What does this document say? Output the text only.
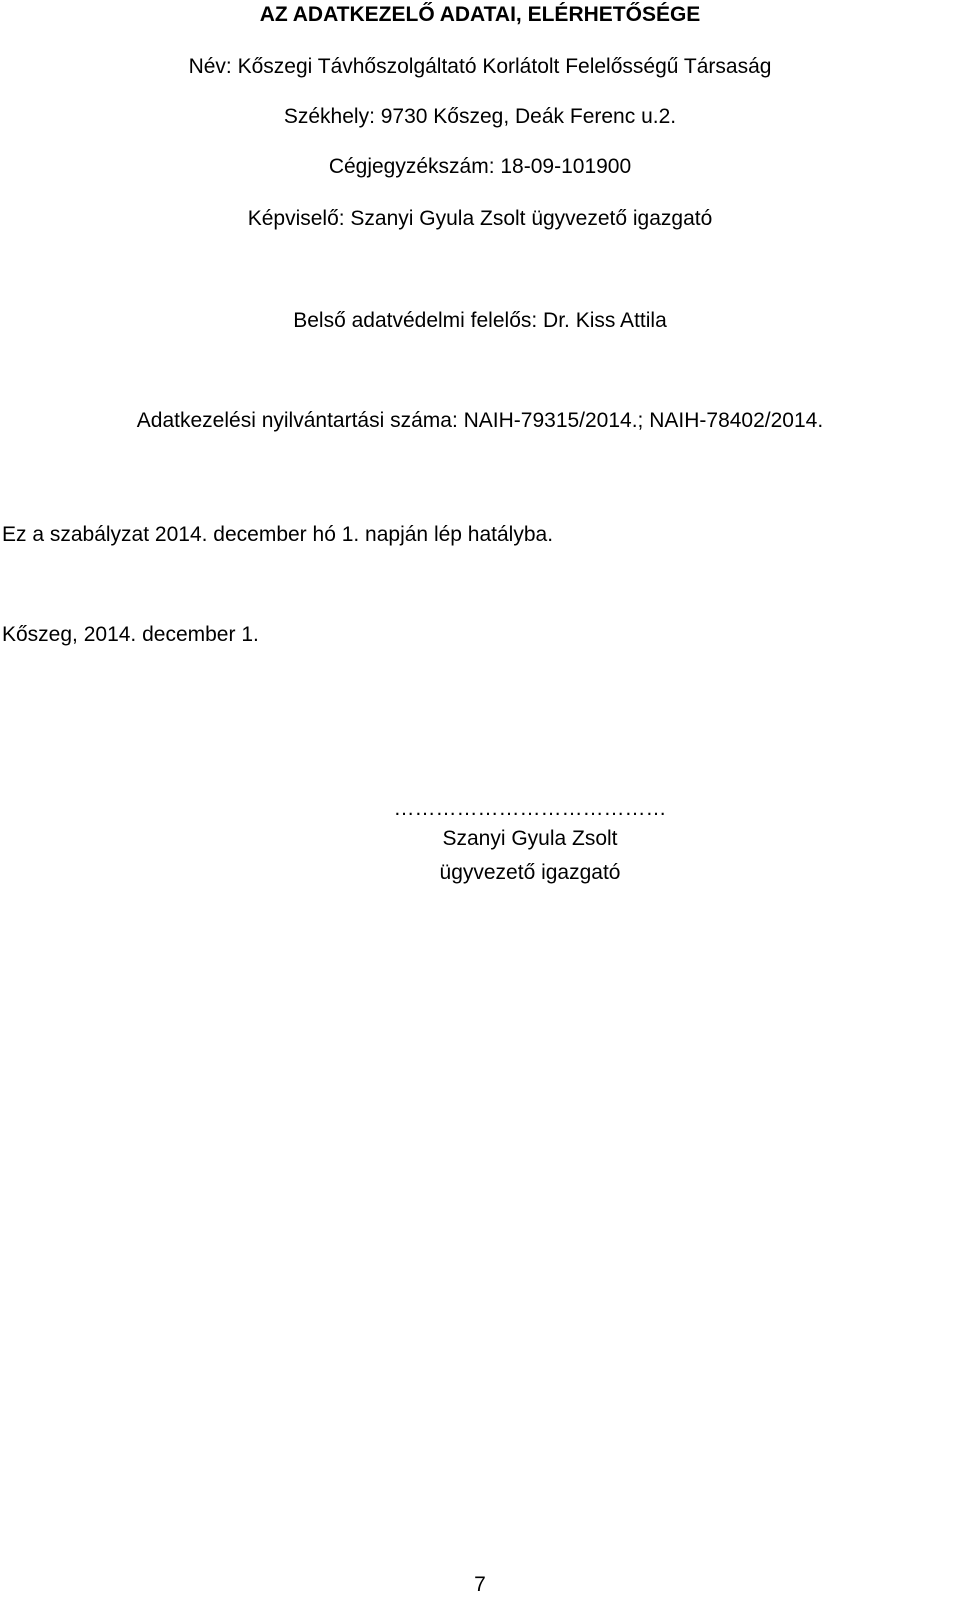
AZ ADATKEZELŐ ADATAI, ELÉRHETŐSÉGE
Név: Kőszegi Távhőszolgáltató Korlátolt Felelősségű Társaság
Székhely: 9730 Kőszeg, Deák Ferenc u.2.
Cégjegyzékszám: 18-09-101900
Képviselő: Szanyi Gyula Zsolt ügyvezető igazgató
Belső adatvédelmi felelős: Dr. Kiss Attila
Adatkezelési nyilvántartási száma: NAIH-79315/2014.; NAIH-78402/2014.
Ez a szabályzat 2014. december hó 1. napján lép hatályba.
Kőszeg, 2014. december 1.
…………………………………
Szanyi Gyula Zsolt
ügyvezető igazgató
7
